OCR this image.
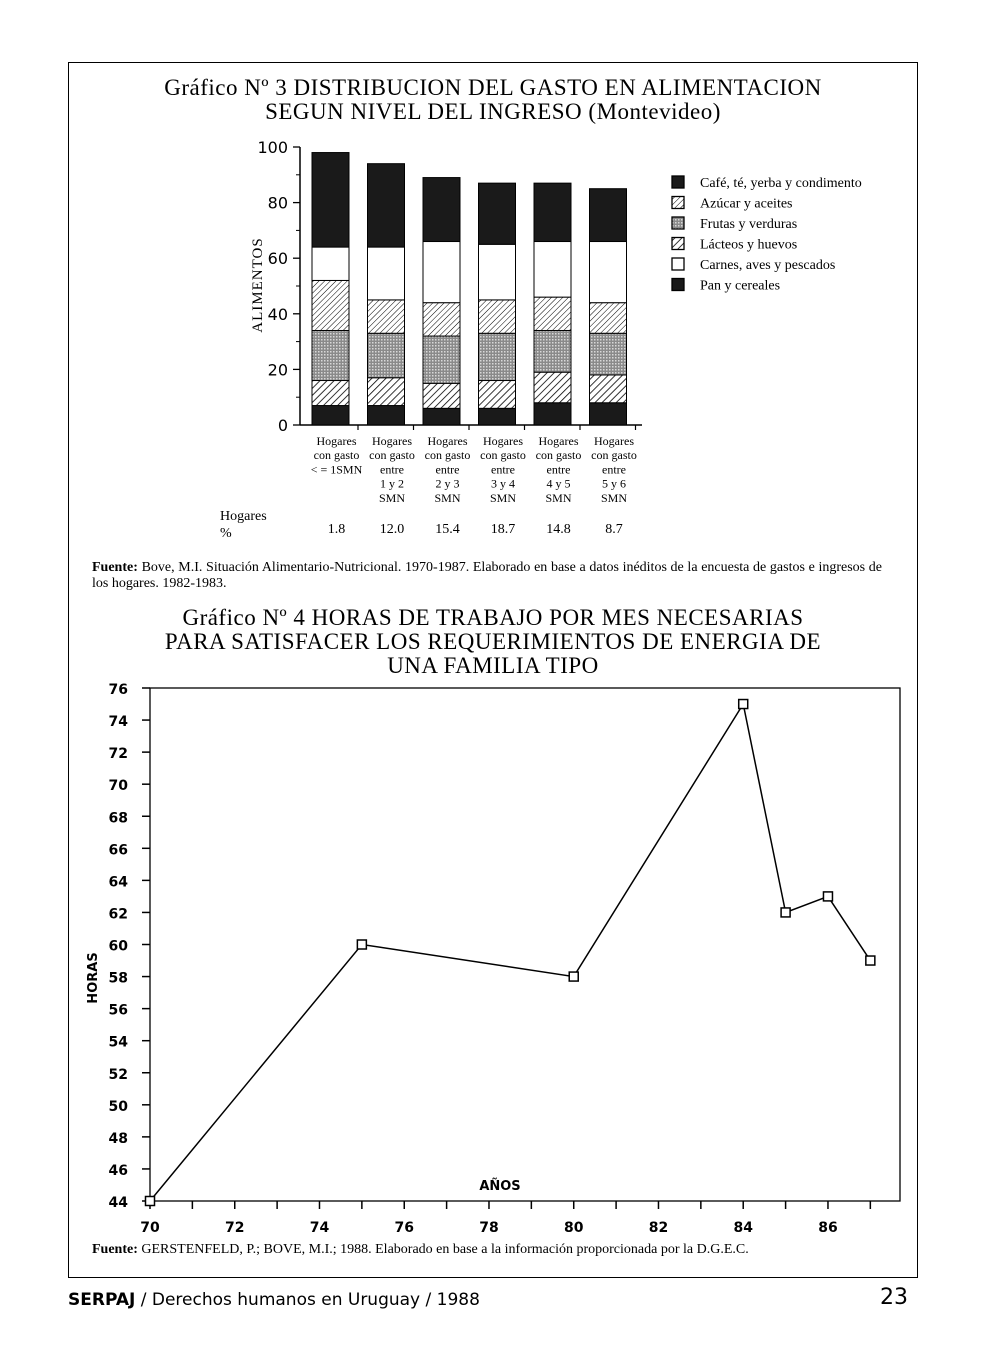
Gráfico Nº 3 DISTRIBUCION DEL GASTO EN ALIMENTACION
SEGUN NIVEL DEL INGRESO (Montevideo)
0
20
40
60
80
100
ALIMENTOS
Hogares
con gasto
< = 1SMN
1.8
Hogares
con gasto
entre
1 y 2
SMN
12.0
Hogares
con gasto
entre
2 y 3
SMN
15.4
Hogares
con gasto
entre
3 y 4
SMN
18.7
Hogares
con gasto
entre
4 y 5
SMN
14.8
Hogares
con gasto
entre
5 y 6
SMN
8.7
Hogares
%
Café, té, yerba y condimento
Azúcar y aceites
Frutas y verduras
Lácteos y huevos
Carnes, aves y pescados
Pan y cereales
Fuente: Bove, M.I. Situación Alimentario-Nutricional. 1970-1987. Elaborado en base a datos inéditos de la encuesta de gastos e ingresos de los hogares. 1982-1983.
Gráfico Nº 4 HORAS DE TRABAJO POR MES NECESARIAS
PARA SATISFACER LOS REQUERIMIENTOS DE ENERGIA DE
UNA FAMILIA TIPO
44
46
48
50
52
54
56
58
60
62
64
66
68
70
72
74
76
70	72	74	76	78	80	82	84	86
AÑOS
HORAS
Fuente: GERSTENFELD, P.; BOVE, M.I.; 1988. Elaborado en base a la información proporcionada por la D.G.E.C.
SERPAJ / Derechos humanos en Uruguay / 1988	23
